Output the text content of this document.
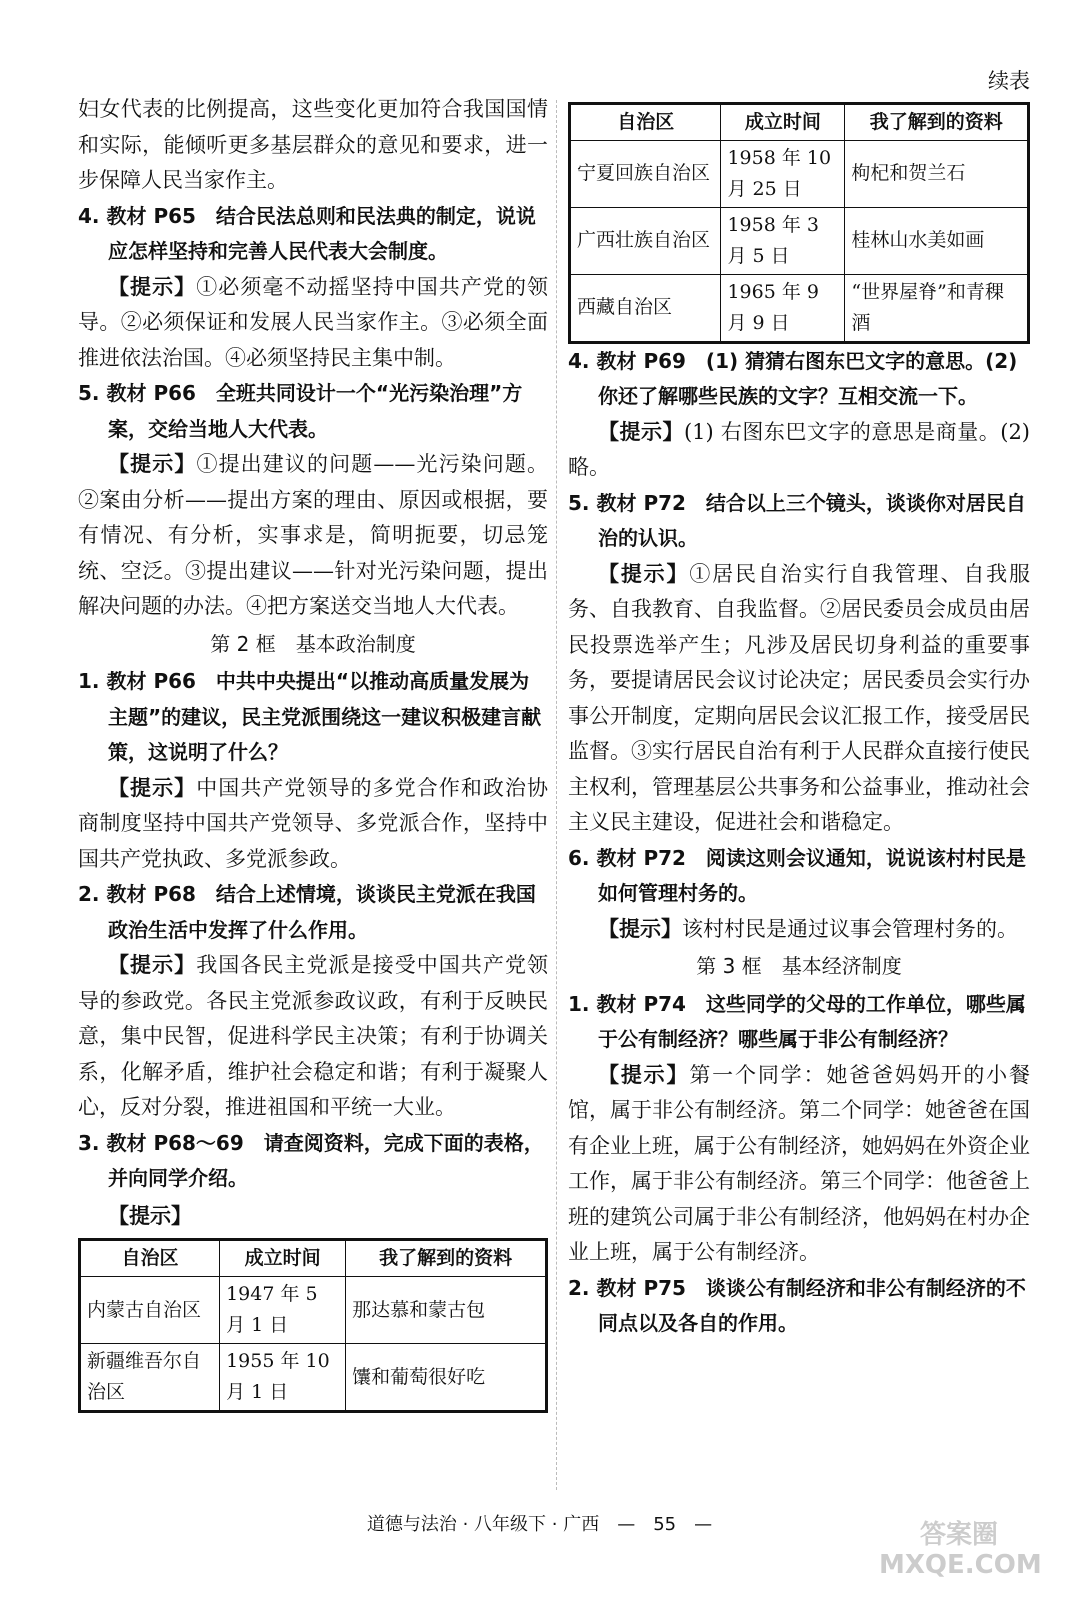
妇女代表的比例提高，这些变化更加符合我国国情和实际，能倾听更多基层群众的意见和要求，进一步保障人民当家作主。

4. 教材 P65　结合民法总则和民法典的制定，说说应怎样坚持和完善人民代表大会制度。

【提示】①必须毫不动摇坚持中国共产党的领导。②必须保证和发展人民当家作主。③必须全面推进依法治国。④必须坚持民主集中制。

5. 教材 P66　全班共同设计一个“光污染治理”方案，交给当地人大代表。

【提示】①提出建议的问题——光污染问题。②案由分析——提出方案的理由、原因或根据，要有情况、有分析，实事求是，简明扼要，切忌笼统、空泛。③提出建议——针对光污染问题，提出解决问题的办法。④把方案送交当地人大代表。

第 2 框　基本政治制度

1. 教材 P66　中共中央提出“以推动高质量发展为主题”的建议，民主党派围绕这一建议积极建言献策，这说明了什么？

【提示】中国共产党领导的多党合作和政治协商制度坚持中国共产党领导、多党派合作，坚持中国共产党执政、多党派参政。

2. 教材 P68　结合上述情境，谈谈民主党派在我国政治生活中发挥了什么作用。

【提示】我国各民主党派是接受中国共产党领导的参政党。各民主党派参政议政，有利于反映民意，集中民智，促进科学民主决策；有利于协调关系，化解矛盾，维护社会稳定和谐；有利于凝聚人心，反对分裂，推进祖国和平统一大业。

3. 教材 P68～69　请查阅资料，完成下面的表格，并向同学介绍。

【提示】

自治区	成立时间	我了解到的资料
内蒙古自治区	1947 年 5 月 1 日	那达慕和蒙古包
新疆维吾尔自治区	1955 年 10 月 1 日	馕和葡萄很好吃

续表

自治区	成立时间	我了解到的资料
宁夏回族自治区	1958 年 10 月 25 日	枸杞和贺兰石
广西壮族自治区	1958 年 3 月 5 日	桂林山水美如画
西藏自治区	1965 年 9 月 9 日	“世界屋脊”和青稞酒

4. 教材 P69　(1) 猜猜右图东巴文字的意思。(2) 你还了解哪些民族的文字？互相交流一下。

【提示】(1) 右图东巴文字的意思是商量。(2) 略。

5. 教材 P72　结合以上三个镜头，谈谈你对居民自治的认识。

【提示】①居民自治实行自我管理、自我服务、自我教育、自我监督。②居民委员会成员由居民投票选举产生；凡涉及居民切身利益的重要事务，要提请居民会议讨论决定；居民委员会实行办事公开制度，定期向居民会议汇报工作，接受居民监督。③实行居民自治有利于人民群众直接行使民主权利，管理基层公共事务和公益事业，推动社会主义民主建设，促进社会和谐稳定。

6. 教材 P72　阅读这则会议通知，说说该村村民是如何管理村务的。

【提示】该村村民是通过议事会管理村务的。

第 3 框　基本经济制度

1. 教材 P74　这些同学的父母的工作单位，哪些属于公有制经济？哪些属于非公有制经济？

【提示】第一个同学：她爸爸妈妈开的小餐馆，属于非公有制经济。第二个同学：她爸爸在国有企业上班，属于公有制经济，她妈妈在外资企业工作，属于非公有制经济。第三个同学：他爸爸上班的建筑公司属于非公有制经济，他妈妈在村办企业上班，属于公有制经济。

2. 教材 P75　谈谈公有制经济和非公有制经济的不同点以及各自的作用。

道德与法治 · 八年级下 · 广西　—　55　—	答案圈 MXQE.COM
